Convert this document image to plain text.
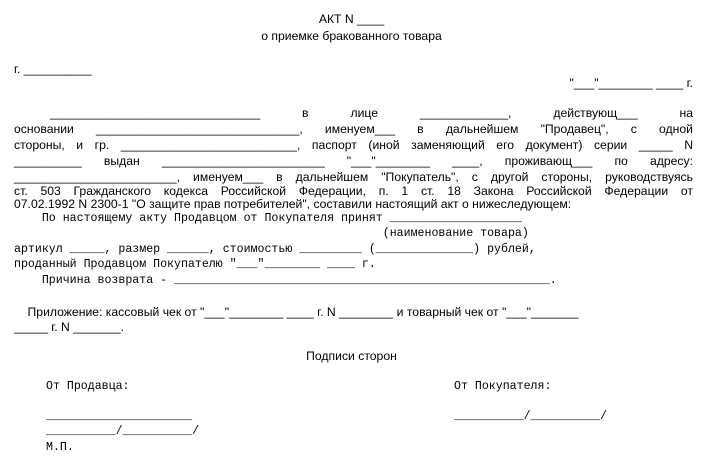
АКТ N ____
о приемке бракованного товара
г. __________
"___"________ ____ г.
_______________________________ в лице _____________, действующ___ на
основании ______________________________, именуем___ в дальнейшем "Продавец", с одной
стороны, и гр. __________________________, паспорт (иной заменяющий его документ) серии _____ N
__________ выдан ________________________ "___"________ ____, проживающ___ по адресу:
________________________, именуем___ в дальнейшем "Покупатель", с другой стороны, руководствуясь
ст. 503 Гражданского кодекса Российской Федерации, п. 1 ст. 18 Закона Российской Федерации от
07.02.1992 N 2300-1 "О защите прав потребителей", составили настоящий акт о нижеследующем:
По настоящему акту Продавцом от Покупателя принят ___________________
(наименование товара)
артикул _____, размер ______, стоимостью _________ (______________) рублей,
проданный Продавцом Покупателю "___"________ ____ г.
Причина возврата - ______________________________________________________.
Приложение: кассовый чек от "___"________ ____ г. N ________ и товарный чек от "___"_______
_____ г. N _______.
Подписи сторон
От Продавца:	От Покупателя:
_____________________	__________/__________/
__________/__________/
М.П.
